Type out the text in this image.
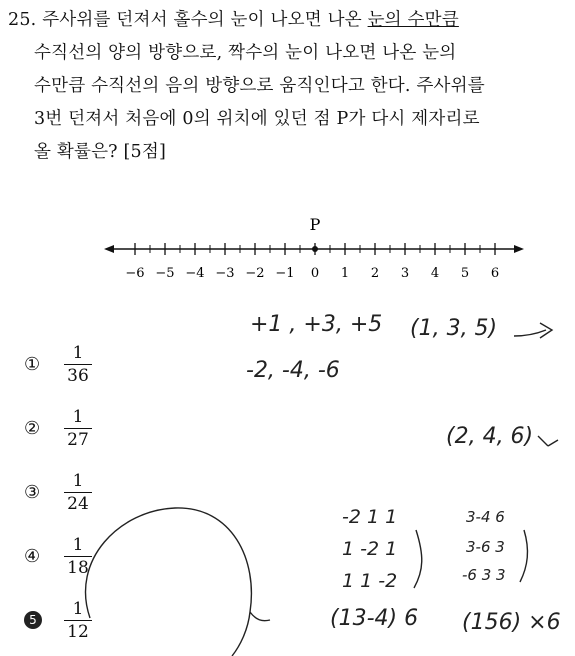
25. 주사위를 던져서 홀수의 눈이 나오면 나온 눈의 수만큼
수직선의 양의 방향으로, 짝수의 눈이 나오면 나온 눈의
수만큼 수직선의 음의 방향으로 움직인다고 한다. 주사위를
3번 던져서 처음에 0의 위치에 있던 점 P가 다시 제자리로
올 확률은? [5점]
P
−6 −5 −4 −3 −2 −1 0 1 2 3 4 5 6
①	$\frac{1}{36}$
②	$\frac{1}{27}$
③	$\frac{1}{24}$
④	$\frac{1}{18}$
5	$\frac{1}{12}$
+1 , +3, +5 (1, 3, 5)
-2, -4, -6
(2, 4, 6)
-2 1 1
1 -2 1
1 1 -2
3-4 6
3-6 3
-6 3 3
(13-4) 6 (156) ×6
